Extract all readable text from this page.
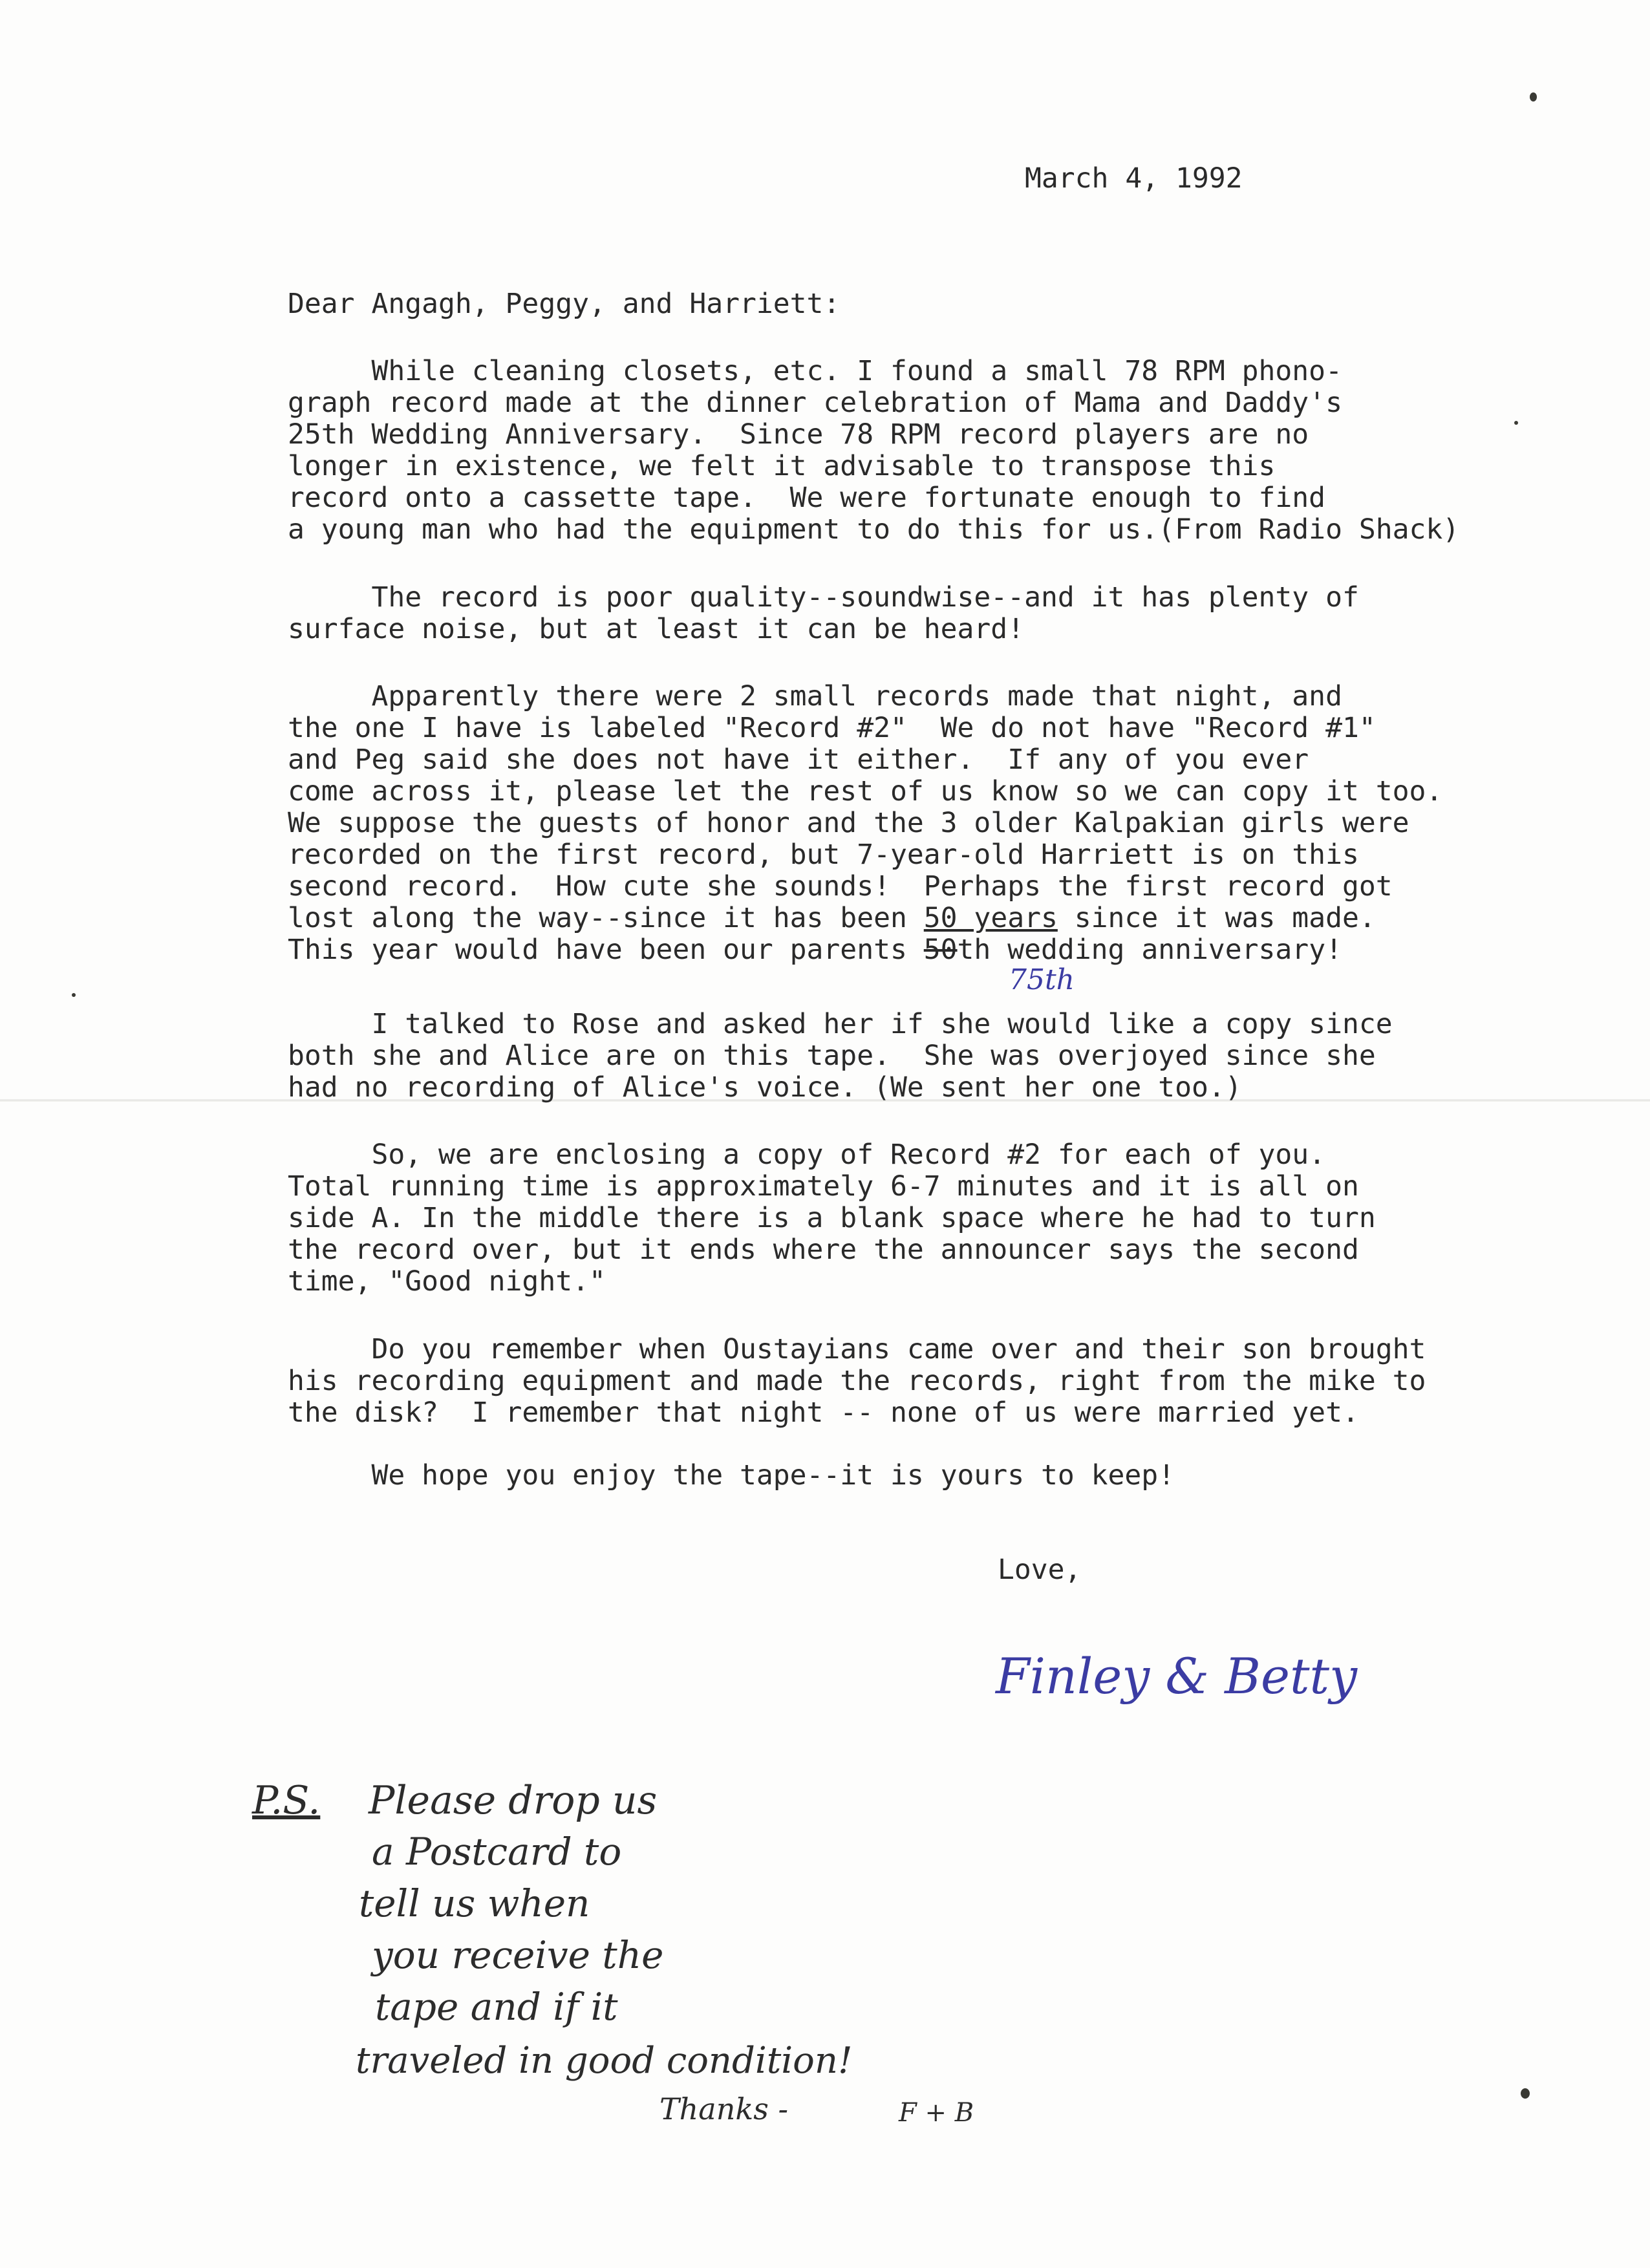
March 4, 1992
Dear Angagh, Peggy, and Harriett:
While cleaning closets, etc. I found a small 78 RPM phono-
graph record made at the dinner celebration of Mama and Daddy's
25th Wedding Anniversary.  Since 78 RPM record players are no
longer in existence, we felt it advisable to transpose this
record onto a cassette tape.  We were fortunate enough to find
a young man who had the equipment to do this for us.(From Radio Shack)
The record is poor quality--soundwise--and it has plenty of
surface noise, but at least it can be heard!
Apparently there were 2 small records made that night, and
the one I have is labeled "Record #2"  We do not have "Record #1"
and Peg said she does not have it either.  If any of you ever
come across it, please let the rest of us know so we can copy it too.
We suppose the guests of honor and the 3 older Kalpakian girls were
recorded on the first record, but 7-year-old Harriett is on this
second record.  How cute she sounds!  Perhaps the first record got
lost along the way--since it has been 50 years since it was made.
This year would have been our parents 50th wedding anniversary!
75th
I talked to Rose and asked her if she would like a copy since
both she and Alice are on this tape.  She was overjoyed since she
had no recording of Alice's voice. (We sent her one too.)
So, we are enclosing a copy of Record #2 for each of you.
Total running time is approximately 6-7 minutes and it is all on
side A. In the middle there is a blank space where he had to turn
the record over, but it ends where the announcer says the second
time, "Good night."
Do you remember when Oustayians came over and their son brought
his recording equipment and made the records, right from the mike to
the disk?  I remember that night -- none of us were married yet.
We hope you enjoy the tape--it is yours to keep!
Love,
Finley & Betty
P.S. Please drop us
a Postcard to
tell us when
you receive the
tape and if it
traveled in good condition!
Thanks -	F + B
